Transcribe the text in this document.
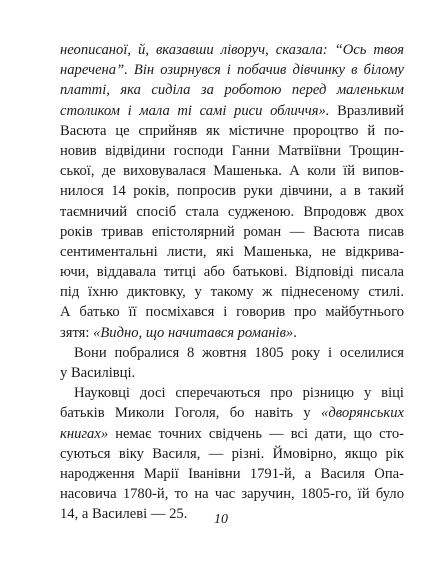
неописаної, й, вказавши ліворуч, сказала: “Ось твоя
наречена”. Він озирнувся і побачив дівчинку в білому
платті, яка сиділа за роботою перед маленьким
столиком і мала ті самі риси обличчя». Вразливий
Васюта це сприйняв як містичне пророцтво й по-
новив відвідини господи Ганни Матвіївни Трощин-
ської, де виховувалася Машенька. А коли їй випов-
нилося 14 років, попросив руки дівчини, а в такий
таємничий спосіб стала судженою. Впродовж двох
років тривав епістолярний роман — Васюта писав
сентиментальні листи, які Машенька, не відкрива-
ючи, віддавала титці або батькові. Відповіді писала
під їхню диктовку, у такому ж піднесеному стилі.
А батько її посміхався і говорив про майбутнього
зятя: «Видно, що начитався романів».
Вони побралися 8 жовтня 1805 року і оселилися
у Василівці.
Науковці досі сперечаються про різницю у віці
батьків Миколи Гоголя, бо навіть у «дворянських
книгах» немає точних свідчень — всі дати, що сто-
суються віку Василя, — різні. Ймовірно, якщо рік
народження Марії Іванівни 1791-й, а Василя Опа-
насовича 1780-й, то на час заручин, 1805-го, їй було
14, а Василеві — 25.	10
